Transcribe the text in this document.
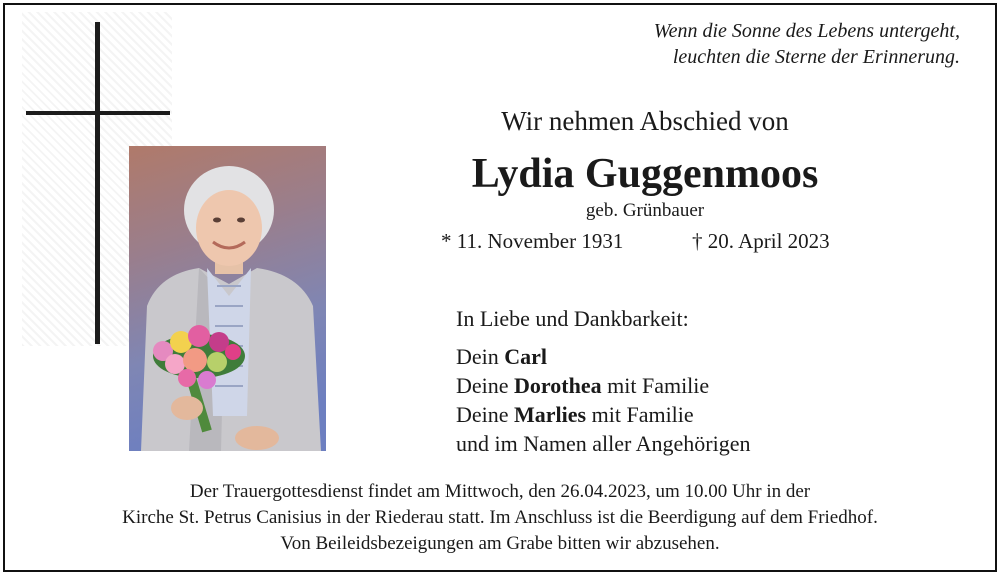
Wenn die Sonne des Lebens untergeht,
leuchten die Sterne der Erinnerung.
Wir nehmen Abschied von
Lydia Guggenmoos
geb. Grünbauer
* 11. November 1931	† 20. April 2023
In Liebe und Dankbarkeit:
Dein Carl
Deine Dorothea mit Familie
Deine Marlies mit Familie
und im Namen aller Angehörigen
Der Trauergottesdienst findet am Mittwoch, den 26.04.2023, um 10.00 Uhr in der
Kirche St. Petrus Canisius in der Riederau statt. Im Anschluss ist die Beerdigung auf dem Friedhof.
Von Beileidsbezeigungen am Grabe bitten wir abzusehen.
